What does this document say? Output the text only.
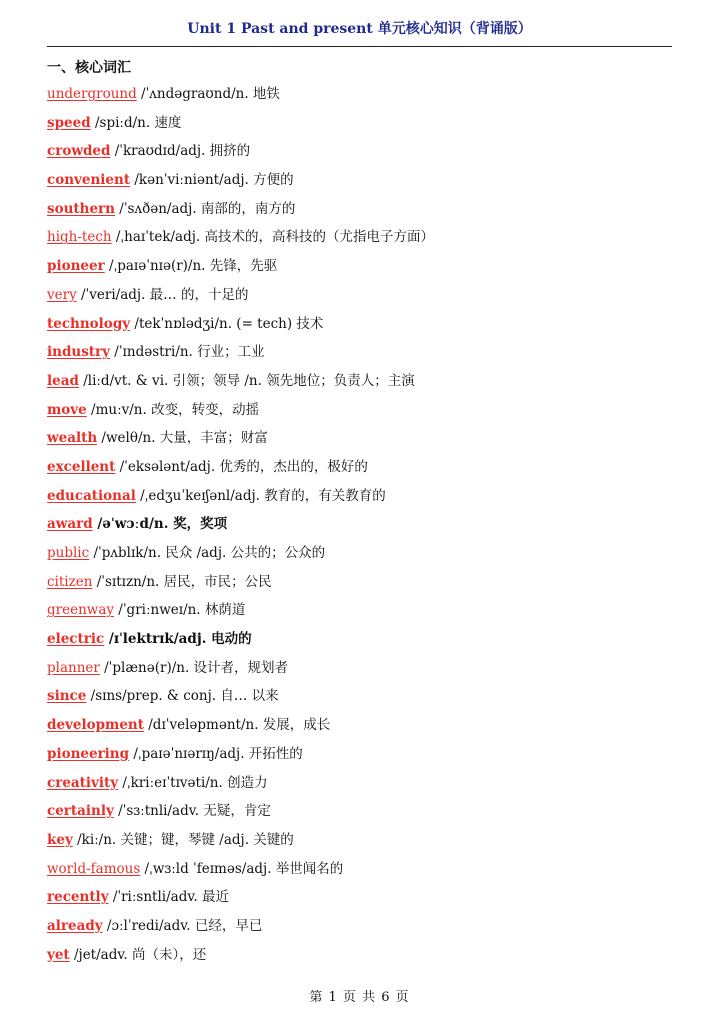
Unit 1 Past and present 单元核心知识（背诵版）
一、核心词汇
underground /ˈʌndəgraʊnd/n. 地铁
speed /spiːd/n. 速度
crowded /ˈkraʊdɪd/adj. 拥挤的
convenient /kənˈviːniənt/adj. 方便的
southern /ˈsʌðən/adj. 南部的，南方的
high-tech /ˌhaɪˈtek/adj. 高技术的，高科技的（尤指电子方面）
pioneer /ˌpaɪəˈnɪə(r)/n. 先锋，先驱
very /ˈveri/adj. 最… 的，十足的
technology /tekˈnɒlədʒi/n. (= tech) 技术
industry /ˈɪndəstri/n. 行业；工业
lead /liːd/vt. & vi. 引领；领导 /n. 领先地位；负责人；主演
move /muːv/n. 改变，转变，动摇
wealth /welθ/n. 大量，丰富；财富
excellent /ˈeksələnt/adj. 优秀的，杰出的，极好的
educational /ˌedʒuˈkeɪʃənl/adj. 教育的，有关教育的
award /əˈwɔːd/n. 奖，奖项
public /ˈpʌblɪk/n. 民众 /adj. 公共的；公众的
citizen /ˈsɪtɪzn/n. 居民，市民；公民
greenway /ˈgriːnweɪ/n. 林荫道
electric /ɪˈlektrɪk/adj. 电动的
planner /ˈplænə(r)/n. 设计者，规划者
since /sɪns/prep. & conj. 自… 以来
development /dɪˈveləpmənt/n. 发展，成长
pioneering /ˌpaɪəˈnɪərɪŋ/adj. 开拓性的
creativity /ˌkriːeɪˈtɪvəti/n. 创造力
certainly /ˈsɜːtnli/adv. 无疑，肯定
key /kiː/n. 关键；键，琴键 /adj. 关键的
world-famous /ˌwɜːld ˈfeɪməs/adj. 举世闻名的
recently /ˈriːsntli/adv. 最近
already /ɔːlˈredi/adv. 已经，早已
yet /jet/adv. 尚（未），还
第 1 页 共 6 页
